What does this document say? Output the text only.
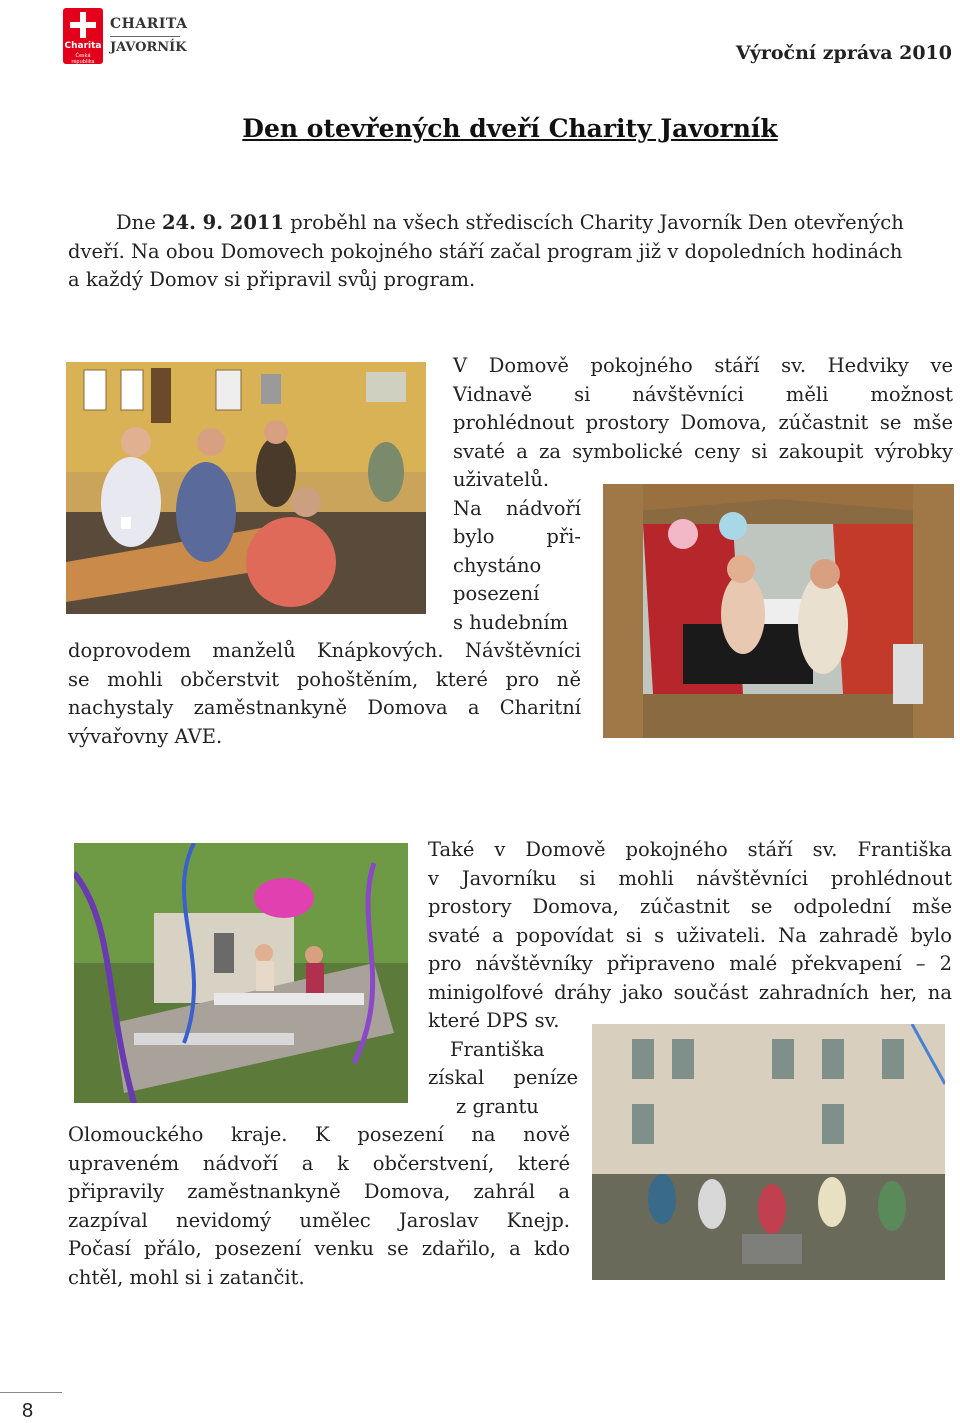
Charita
Česká republika
CHARITA
JAVORNÍK	Výroční zpráva 2010
Den otevřených dveří Charity Javorník

Dne 24. 9. 2011 proběhl na všech střediscích Charity Javorník Den otevřených
dveří. Na obou Domovech pokojného stáří začal program již v dopoledních hodinách
a každý Domov si připravil svůj program.

V Domově pokojného stáří sv. Hedviky ve
Vidnavě si návštěvníci měli možnost
prohlédnout prostory Domova, zúčastnit se mše
svaté a za symbolické ceny si zakoupit výrobky
uživatelů.
Na nádvoří
bylo při-
chystáno
posezení
s hudebním
doprovodem manželů Knápkových. Návštěvníci
se mohli občerstvit pohoštěním, které pro ně
nachystaly zaměstnankyně Domova a Charitní
vývařovny AVE.
Také v Domově pokojného stáří sv. Františka
v Javorníku si mohli návštěvníci prohlédnout
prostory Domova, zúčastnit se odpolední mše
svaté a popovídat si s uživateli. Na zahradě bylo
pro návštěvníky připraveno malé překvapení – 2
minigolfové dráhy jako součást zahradních her, na
které DPS sv.
Františka
získal peníze
z grantu
Olomouckého kraje. K posezení na nově
upraveném nádvoří a k občerstvení, které
připravily zaměstnankyně Domova, zahrál a
zazpíval nevidomý umělec Jaroslav Knejp.
Počasí přálo, posezení venku se zdařilo, a kdo
chtěl, mohl si i zatančit.
8
